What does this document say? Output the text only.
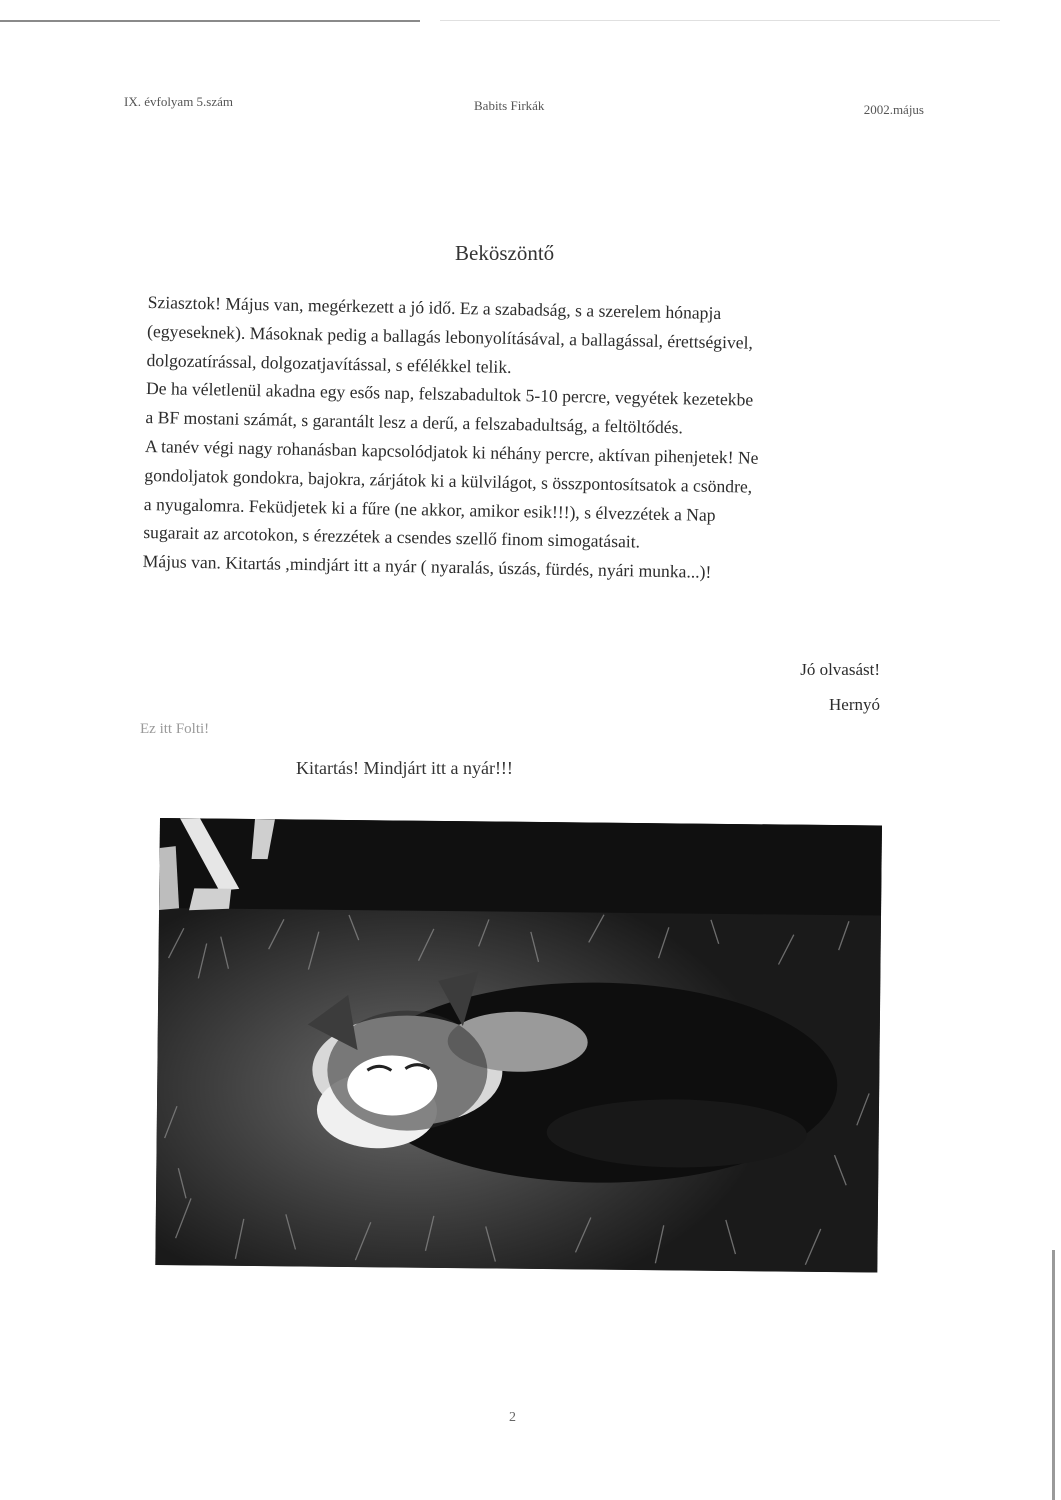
IX. évfolyam 5.szám	Babits Firkák	2002.május
Beköszöntő

Sziasztok! Május van, megérkezett a jó idő. Ez a szabadság, s a szerelem hónapja

(egyeseknek). Másoknak pedig a ballagás lebonyolításával, a ballagással, érettségivel,

dolgozatírással, dolgozatjavítással, s efélékkel telik.

De ha véletlenül akadna egy esős nap, felszabadultok 5-10 percre, vegyétek kezetekbe

a BF mostani számát, s garantált lesz a derű, a felszabadultság, a feltöltődés.

A tanév végi nagy rohanásban kapcsolódjatok ki néhány percre, aktívan pihenjetek! Ne

gondoljatok gondokra, bajokra, zárjátok ki a külvilágot, s összpontosítsatok a csöndre,

a nyugalomra. Feküdjetek ki a fűre (ne akkor, amikor esik!!!), s élvezzétek a Nap

sugarait az arcotokon, s érezzétek a csendes szellő finom simogatásait.

Május van. Kitartás ,mindjárt itt a nyár ( nyaralás, úszás, fürdés, nyári munka...)!

Jó olvasást!
Hernyó
Ez itt Folti!
Kitartás! Mindjárt itt a nyár!!!
2
